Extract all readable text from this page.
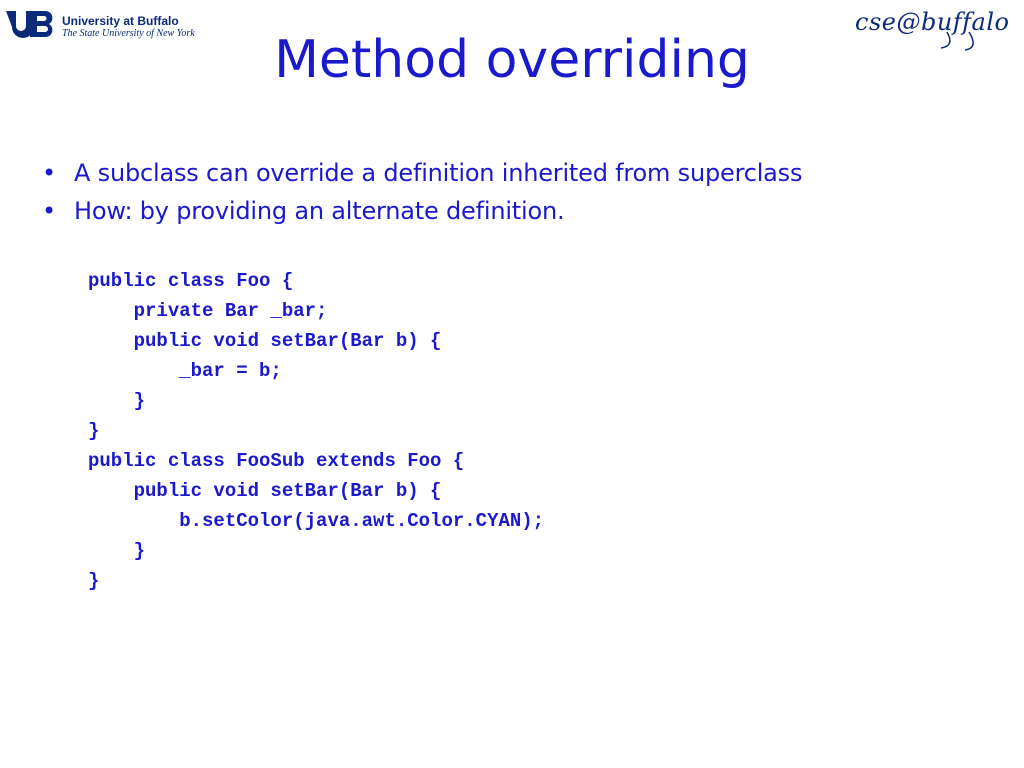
University at Buffalo
The State University of New York	cse@buffalo
Method overriding
• A subclass can override a definition inherited from superclass
• How: by providing an alternate definition.
public class Foo {
private Bar _bar;
public void setBar(Bar b) {
_bar = b;
}
}
public class FooSub extends Foo {
public void setBar(Bar b) {
b.setColor(java.awt.Color.CYAN);
}
}
